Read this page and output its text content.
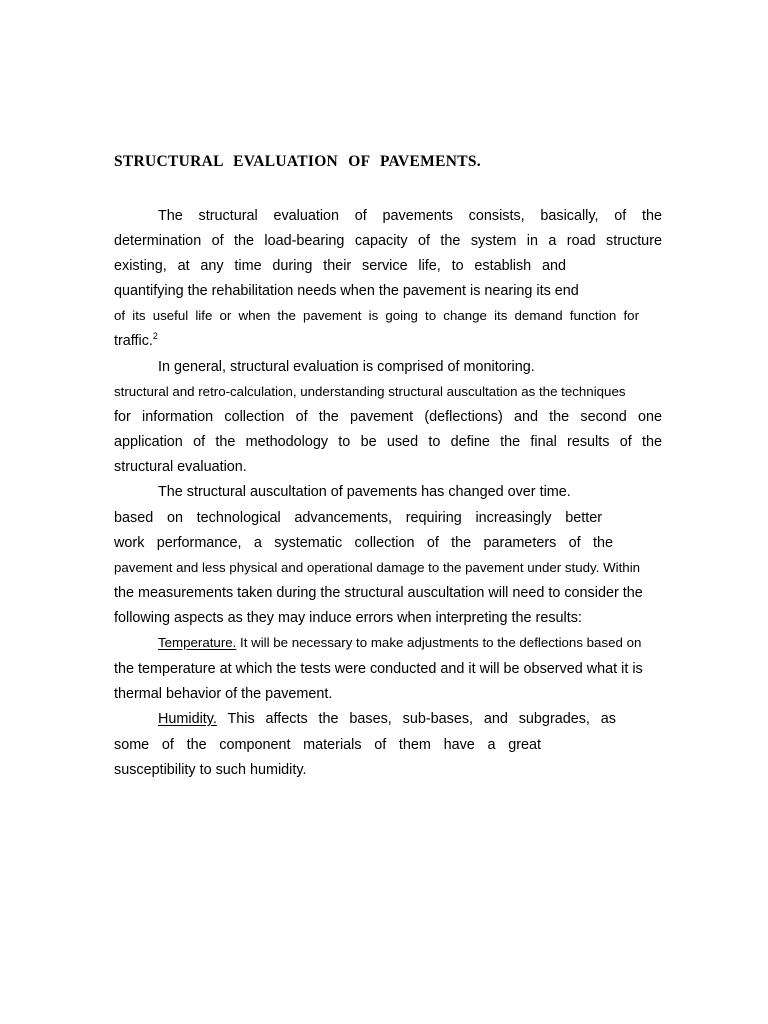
STRUCTURAL EVALUATION OF PAVEMENTS.
The structural evaluation of pavements consists, basically, of the
determination of the load-bearing capacity of the system in a road structure
existing, at any time during their service life, to establish and
quantifying the rehabilitation needs when the pavement is nearing its end
of its useful life or when the pavement is going to change its demand function for
traffic.$^2$
In general, structural evaluation is comprised of monitoring.
structural and retro-calculation, understanding structural auscultation as the techniques
for information collection of the pavement (deflections) and the second one
application of the methodology to be used to define the final results of the
structural evaluation.
The structural auscultation of pavements has changed over time.
based on technological advancements, requiring increasingly better
work performance, a systematic collection of the parameters of the
pavement and less physical and operational damage to the pavement under study. Within
the measurements taken during the structural auscultation will need to consider the
following aspects as they may induce errors when interpreting the results:
Temperature. It will be necessary to make adjustments to the deflections based on
the temperature at which the tests were conducted and it will be observed what it is
thermal behavior of the pavement.
Humidity. This affects the bases, sub-bases, and subgrades, as
some of the component materials of them have a great
susceptibility to such humidity.
